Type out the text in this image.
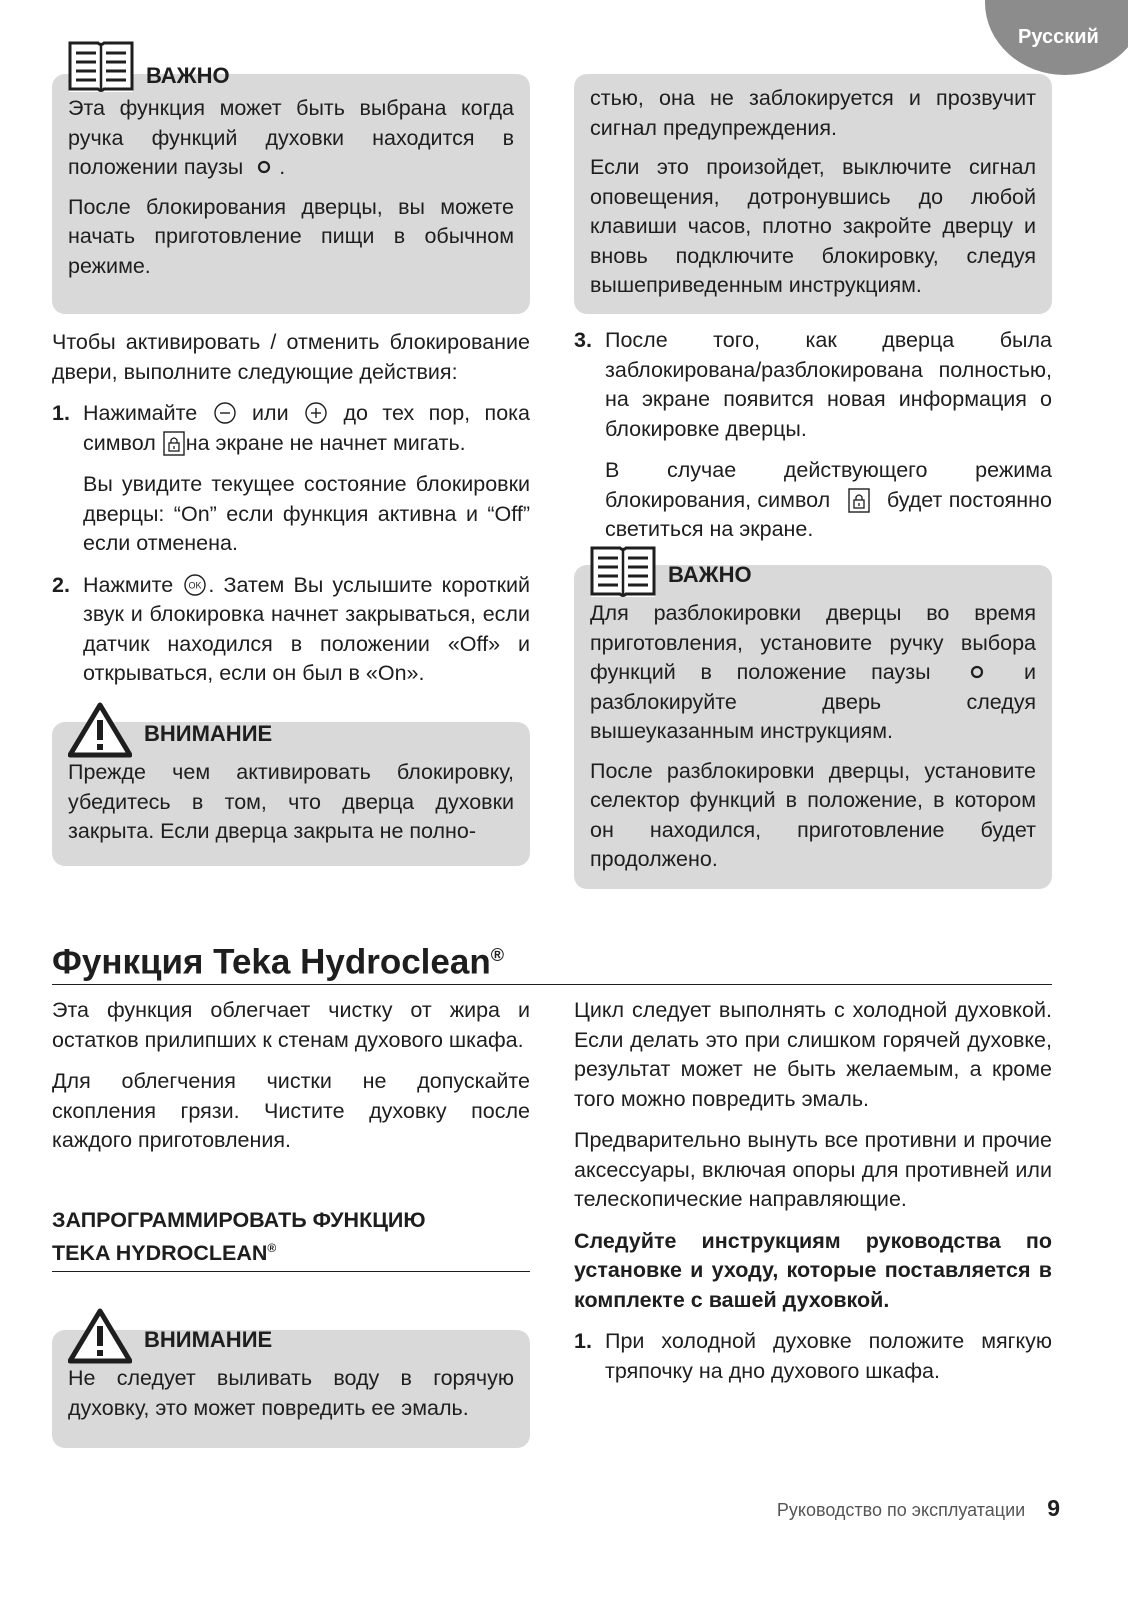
Русский
ВАЖНО

Эта функция может быть выбрана когда ручка функций духовки находится в положении паузы .

После блокирования дверцы, вы можете начать приготовление пищи в обычном режиме.

Чтобы активировать / отменить блокирование двери, выполните следующие действия:

1. Нажимайте	или	до тех пор, пока символ на экране не начнет мигать.

Вы увидите текущее состояние блокировки дверцы: “On” если функция активна и “Off” если отменена.

2. Нажмите OK . Затем Вы услышите короткий звук и блокировка начнет закрываться, если датчик находился в положении «Off» и открываться, если он был в «On».

ВНИМАНИЕ

Прежде чем активировать блокировку, убедитесь в том, что дверца духовки закрыта. Если дверца закрыта не полно-

стью, она не заблокируется и прозвучит сигнал предупреждения.

Если это произойдет, выключите сигнал оповещения, дотронувшись до любой клавиши часов, плотно закройте дверцу и вновь подключите блокировку, следуя вышеприведенным инструкциям.

3. После того, как дверца была заблокирована/разблокирована полностью, на экране появится новая информация о блокировке дверцы.

В случае действующего режима блокирования, символ	будет постоянно светиться на экране.

ВАЖНО

Для разблокировки дверцы во время приготовления, установите ручку выбора функций в положение паузы	и разблокируйте дверь следуя вышеуказанным инструкциям.

После разблокировки дверцы, установите селектор функций в положение, в котором он находился, приготовление будет продолжено.

Функция Teka Hydroclean®

Эта функция облегчает чистку от жира и остатков прилипших к стенам духового шкафа.

Для облегчения чистки не допускайте скопления грязи. Чистите духовку после каждого приготовления.

ЗАПРОГРАММИРОВАТЬ ФУНКЦИЮ
TEKA HYDROCLEAN®
ВНИМАНИЕ

Не следует выливать воду в горячую духовку, это может повредить ее эмаль.

Цикл следует выполнять с холодной духовкой. Если делать это при слишком горячей духовке, результат может не быть желаемым, а кроме того можно повредить эмаль.

Предварительно вынуть все противни и прочие аксессуары, включая опоры для противней или телескопические направляющие.

Следуйте инструкциям руководства по установке и уходу, которые поставляется в комплекте с вашей духовкой.

1. При холодной духовке положите мягкую тряпочку на дно духового шкафа.

Руководство по эксплуатации 9
